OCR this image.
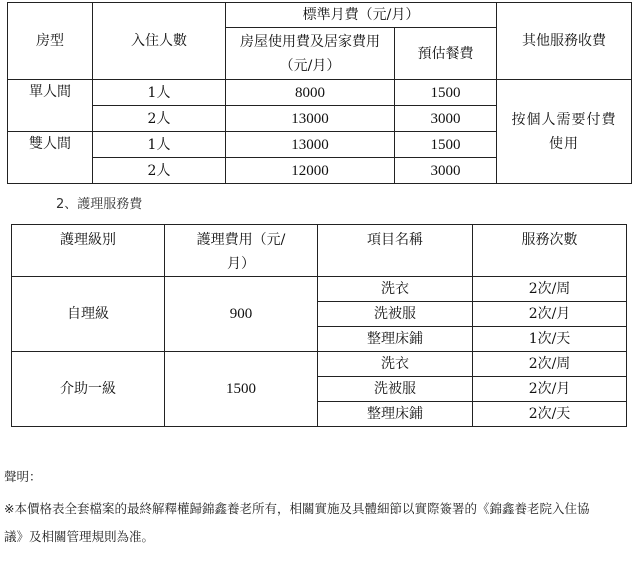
房型	入住人數	標準月費（元/月）		其他服務收費
		房屋使用費及居家費用（元/月）	預估餐費	
單人間	1人	8000	1500	按個人需要付費使用
	2人	13000	3000	
雙人間	1人	13000	1500	
	2人	12000	3000	
2、護理服務費
護理級別	護理費用（元/月）	項目名稱	服務次數
自理級	900	洗衣	2次/周
		洗被服	2次/月
		整理床鋪	1次/天
介助一級	1500	洗衣	2次/周
		洗被服	2次/月
		整理床鋪	2次/天
聲明：
※本價格表全套檔案的最終解釋權歸錦鑫養老所有，相關實施及具體細節以實際簽署的《錦鑫養老院入住協
議》及相關管理規則為准。
